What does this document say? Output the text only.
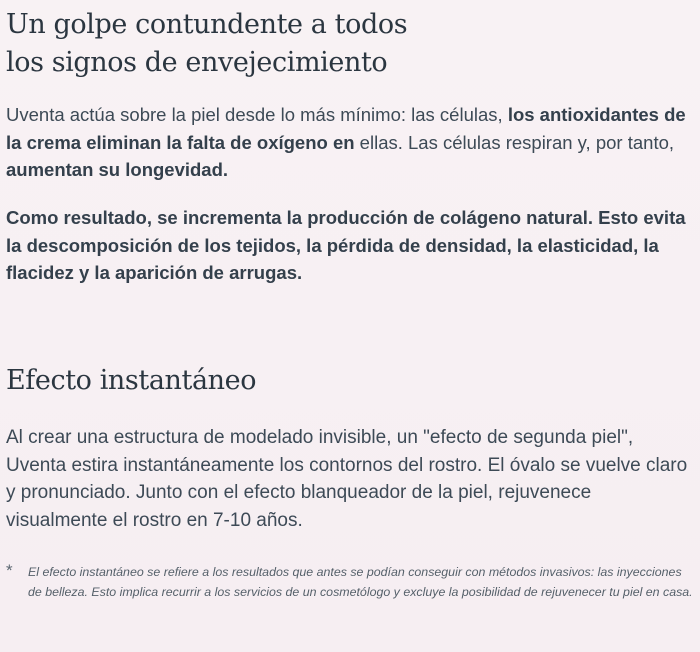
Un golpe contundente a todos
los signos de envejecimiento

Uventa actúa sobre la piel desde lo más mínimo: las células, los antioxidantes de la crema eliminan la falta de oxígeno en ellas. Las células respiran y, por tanto, aumentan su longevidad.

Como resultado, se incrementa la producción de colágeno natural. Esto evita la descomposición de los tejidos, la pérdida de densidad, la elasticidad, la flacidez y la aparición de arrugas.

Efecto instantáneo

Al crear una estructura de modelado invisible, un "efecto de segunda piel", Uventa estira instantáneamente los contornos del rostro. El óvalo se vuelve claro y pronunciado. Junto con el efecto blanqueador de la piel, rejuvenece visualmente el rostro en 7-10 años.

* El efecto instantáneo se refiere a los resultados que antes se podían conseguir con métodos invasivos: las inyecciones de belleza. Esto implica recurrir a los servicios de un cosmetólogo y excluye la posibilidad de rejuvenecer tu piel en casa.
